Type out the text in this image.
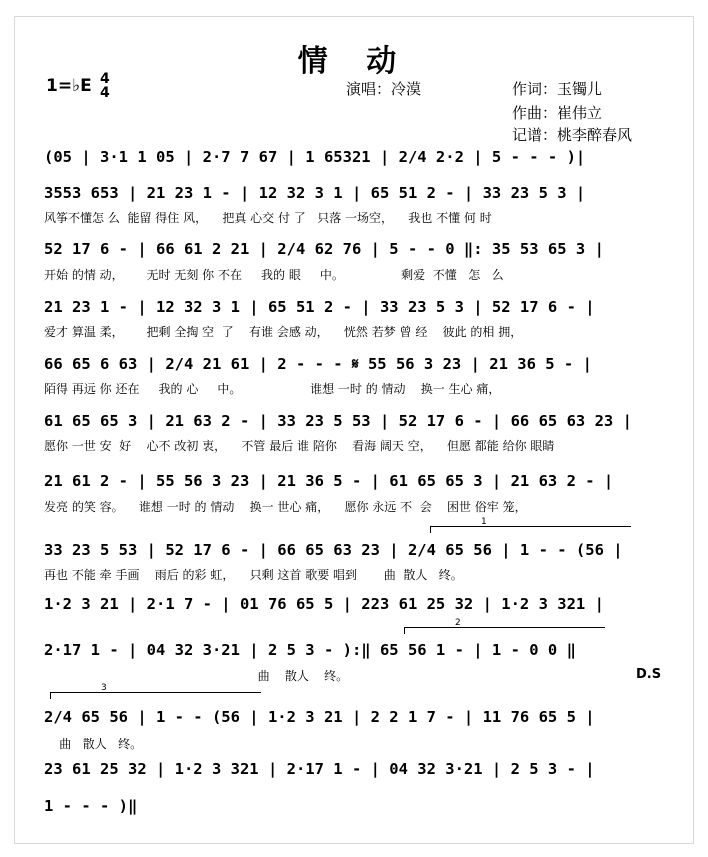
情 动
1=♭E 4
4	演唱：冷漠	作词：玉镯儿
作曲：崔伟立
记谱：桃李醉春风
(05 | 3·1 1 05 | 2·7 7 67 | 1 65321 | 2/4 2·2 | 5 - - - )|
3553 653 | 21 23 1 - | 12 32 3 1 | 65 51 2 - | 33 23 5 3 |
风筝不懂怎 么  能留 得住 风，    把真 心交 付 了   只落 一场空，    我也 不懂 何 时
52 17 6 - | 66 61 2 21 | 2/4 62 76 | 5 - - 0 ‖: 35 53 65 3 |
开始 的情 动，      无时 无刻 你 不在     我的 眼     中。               剩爱  不懂   怎   么
21 23 1 - | 12 32 3 1 | 65 51 2 - | 33 23 5 3 | 52 17 6 - |
爱才 算温 柔，      把剩 全掏 空  了    有谁 会感 动，    恍然 若梦 曾 经    彼此 的相 拥，
66 65 6 63 | 2/4 21 61 | 2 - - - 𝄋 55 56 3 23 | 21 36 5 - |
陌得 再远 你 还在     我的 心     中。                  谁想 一时 的 情动    换一 生心 痛，
61 65 65 3 | 21 63 2 - | 33 23 5 53 | 52 17 6 - | 66 65 63 23 |
愿你 一世 安  好    心不 改初 衷，    不管 最后 谁 陪你    看海 阔天 空，    但愿 都能 给你 眼睛
21 61 2 - | 55 56 3 23 | 21 36 5 - | 61 65 65 3 | 21 63 2 - |
发亮 的笑 容。    谁想 一时 的 情动    换一 世心 痛，    愿你 永远 不  会    困世 俗牢 笼，
1
33 23 5 53 | 52 17 6 - | 66 65 63 23 | 2/4 65 56 | 1 - - (56 |
再也 不能 牵 手画    雨后 的彩 虹，    只剩 这首 歌要 唱到       曲  散人   终。
1·2 3 21 | 2·1 7 - | 01 76 65 5 | 223 61 25 32 | 1·2 3 321 |
2
2·17 1 - | 04 32 3·21 | 2 5 3 - ):‖ 65 56 1 - | 1 - 0 0 ‖
曲    散人    终。	D.S
3
2/4 65 56 | 1 - - (56 | 1·2 3 21 | 2 2 1 7 - | 11 76 65 5 |
曲   散人   终。
23 61 25 32 | 1·2 3 321 | 2·17 1 - | 04 32 3·21 | 2 5 3 - |
1 - - - )‖
